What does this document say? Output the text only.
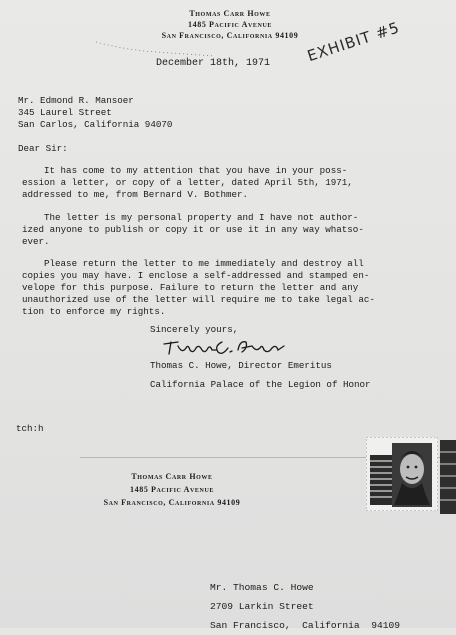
Thomas Carr Howe
1485 Pacific Avenue
San Francisco, California 94109
December 18th, 1971 EXHIBIT #5
Mr. Edmond R. Mansoer
345 Laurel Street
San Carlos, California 94070
Dear Sir:
It has come to my attention that you have in your poss-
ession a letter, or copy of a letter, dated April 5th, 1971,
addressed to me, from Bernard V. Bothmer.
The letter is my personal property and I have not author-
ized anyone to publish or copy it or use it in any way whatso-
ever.
Please return the letter to me immediately and destroy all
copies you may have. I enclose a self-addressed and stamped en-
velope for this purpose. Failure to return the letter and any
unauthorized use of the letter will require me to take legal ac-
tion to enforce my rights.
Sincerely yours,
Thomas C. Howe, Director Emeritus
California Palace of the Legion of Honor
tch:h
Thomas Carr Howe
1485 Pacific Avenue
San Francisco, California 94109
Mr. Thomas C. Howe
2709 Larkin Street
San Francisco,  California  94109
